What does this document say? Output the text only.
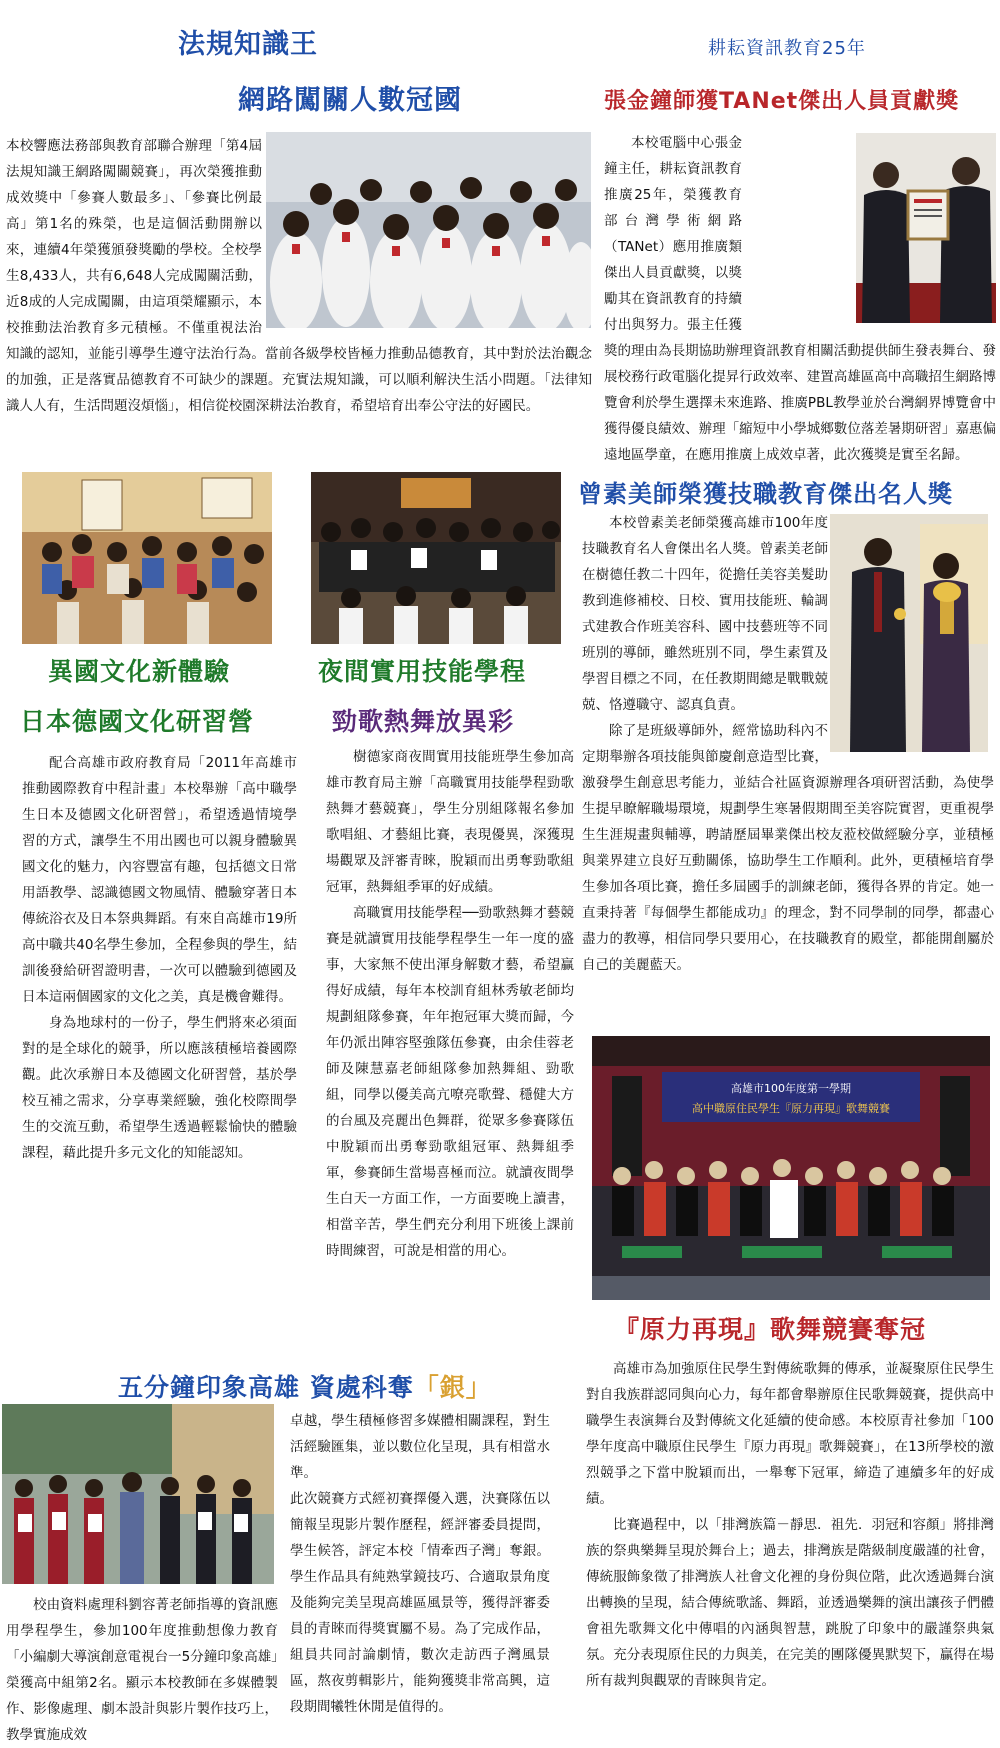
法規知識王	耕耘資訊教育25年
網路闖關人數冠國

本校響應法務部與教育部聯合辦理「第4屆法規知識王網路闖關競賽」，再次榮獲推動成效獎中「參賽人數最多」、「參賽比例最高」第1名的殊榮，也是這個活動開辦以來，連續4年榮獲頒發獎勵的學校。全校學生8,433人，共有6,648人完成闖關活動，近8成的人完成闖關，由這項榮耀顯示，本校推動法治教育多元積極。不僅重視法治知識的認知，並能引導學生遵守法治行為。當前各級學校皆極力推動品德教育，其中對於法治觀念的加強，正是落實品德教育不可缺少的課題。充實法規知識，可以順利解決生活小問題。「法律知識人人有，生活問題沒煩惱」，相信從校園深耕法治教育，希望培育出奉公守法的好國民。

張金鐘師獲TANet傑出人員貢獻獎

本校電腦中心張金鐘主任，耕耘資訊教育推廣25年，榮獲教育部台灣學術網路（TANet）應用推廣類傑出人員貢獻獎，以獎勵其在資訊教育的持續付出與努力。張主任獲獎的理由為長期協助辦理資訊教育相關活動提供師生發表舞台、發展校務行政電腦化提昇行政效率、建置高雄區高中高職招生網路博覽會利於學生選擇未來進路、推廣PBL教學並於台灣網界博覽會中獲得優良績效、辦理「縮短中小學城鄉數位落差暑期研習」嘉惠偏遠地區學童，在應用推廣上成效卓著，此次獲獎是實至名歸。

異國文化新體驗	夜間實用技能學程
曾素美師榮獲技職教育傑出名人獎

本校曾素美老師榮獲高雄市100年度技職教育名人會傑出名人獎。曾素美老師在樹德任教二十四年，從擔任美容美髮助教到進修補校、日校、實用技能班、輪調式建教合作班美容科、國中技藝班等不同班別的導師，雖然班別不同，學生素質及學習目標之不同，在任教期間總是戰戰兢兢、恪遵職守、認真負責。

除了是班級導師外，經常協助科內不定期舉辦各項技能與節慶創意造型比賽，激發學生創意思考能力，並結合社區資源辦理各項研習活動，為使學生提早瞭解職場環境，規劃學生寒暑假期間至美容院實習，更重視學生生涯規畫與輔導，聘請歷屆畢業傑出校友蒞校做經驗分享，並積極與業界建立良好互動關係，協助學生工作順利。此外，更積極培育學生參加各項比賽，擔任多屆國手的訓練老師，獲得各界的肯定。她一直秉持著『每個學生都能成功』的理念，對不同學制的同學，都盡心盡力的教導，相信同學只要用心，在技職教育的殿堂，都能開創屬於自己的美麗藍天。

日本德國文化研習營

配合高雄市政府教育局「2011年高雄市推動國際教育中程計畫」本校舉辦「高中職學生日本及德國文化研習營」，希望透過情境學習的方式，讓學生不用出國也可以親身體驗異國文化的魅力，內容豐富有趣，包括德文日常用語教學、認識德國文物風情、體驗穿著日本傳統浴衣及日本祭典舞蹈。有來自高雄市19所高中職共40名學生參加，全程參與的學生，結訓後發給研習證明書，一次可以體驗到德國及日本這兩個國家的文化之美，真是機會難得。

身為地球村的一份子，學生們將來必須面對的是全球化的競爭，所以應該積極培養國際觀。此次承辦日本及德國文化研習營，基於學校互補之需求，分享專業經驗，強化校際間學生的交流互動，希望學生透過輕鬆愉快的體驗課程，藉此提升多元文化的知能認知。

勁歌熱舞放異彩

樹德家商夜間實用技能班學生參加高雄市教育局主辦「高職實用技能學程勁歌熱舞才藝競賽」，學生分別組隊報名參加歌唱組、才藝組比賽，表現優異，深獲現場觀眾及評審青睞，脫穎而出勇奪勁歌組冠軍，熱舞組季軍的好成績。

高職實用技能學程──勁歌熱舞才藝競賽是就讀實用技能學程學生一年一度的盛事，大家無不使出渾身解數才藝，希望贏得好成績，每年本校訓育組林秀敏老師均規劃組隊參賽，年年抱冠軍大獎而歸，今年仍派出陣容堅強隊伍參賽，由余佳蓉老師及陳慧嘉老師組隊參加熱舞組、勁歌組，同學以優美高亢嘹亮歌聲、穩健大方的台風及亮麗出色舞群，從眾多參賽隊伍中脫穎而出勇奪勁歌組冠軍、熱舞組季軍，參賽師生當場喜極而泣。就讀夜間學生白天一方面工作，一方面要晚上讀書，相當辛苦，學生們充分利用下班後上課前時間練習，可說是相當的用心。

高雄市100年度第一學期
高中職原住民學生『原力再現』歌舞競賽
『原力再現』歌舞競賽奪冠

高雄市為加強原住民學生對傳統歌舞的傳承，並凝聚原住民學生對自我族群認同與向心力，每年都會舉辦原住民歌舞競賽，提供高中職學生表演舞台及對傳統文化延續的使命感。本校原青社參加「100學年度高中職原住民學生『原力再現』歌舞競賽」，在13所學校的激烈競爭之下當中脫穎而出，一舉奪下冠軍，締造了連續多年的好成績。

比賽過程中，以「排灣族篇－靜思．祖先．羽冠和容顏」將排灣族的祭典樂舞呈現於舞台上；過去，排灣族是階級制度嚴謹的社會，傳統服飾象徵了排灣族人社會文化裡的身份與位階，此次透過舞台演出轉換的呈現，結合傳統歌謠、舞蹈，並透過樂舞的演出讓孩子們體會祖先歌舞文化中傳唱的內涵與智慧，跳脫了印象中的嚴謹祭典氣氛。充分表現原住民的力與美，在完美的團隊優異默契下，贏得在場所有裁判與觀眾的青睞與肯定。

五分鐘印象高雄 資處科奪「銀」

校由資料處理科劉容菁老師指導的資訊應用學程學生，參加100年度推動想像力教育「小編劇大導演創意電視台一5分鐘印象高雄」榮獲高中組第2名。顯示本校教師在多媒體製作、影像處理、劇本設計與影片製作技巧上，教學實施成效

卓越，學生積極修習多媒體相關課程，對生活經驗匯集，並以數位化呈現，具有相當水準。

此次競賽方式經初賽擇優入選，決賽隊伍以簡報呈現影片製作歷程，經評審委員提問，學生候答，評定本校「情牽西子灣」奪銀。學生作品具有純熟掌鏡技巧、合適取景角度及能夠完美呈現高雄區風景等，獲得評審委員的青睞而得獎實屬不易。為了完成作品，組員共同討論劇情，數次走訪西子灣風景區，熬夜剪輯影片，能夠獲獎非常高興，這段期間犧牲休閒是值得的。
